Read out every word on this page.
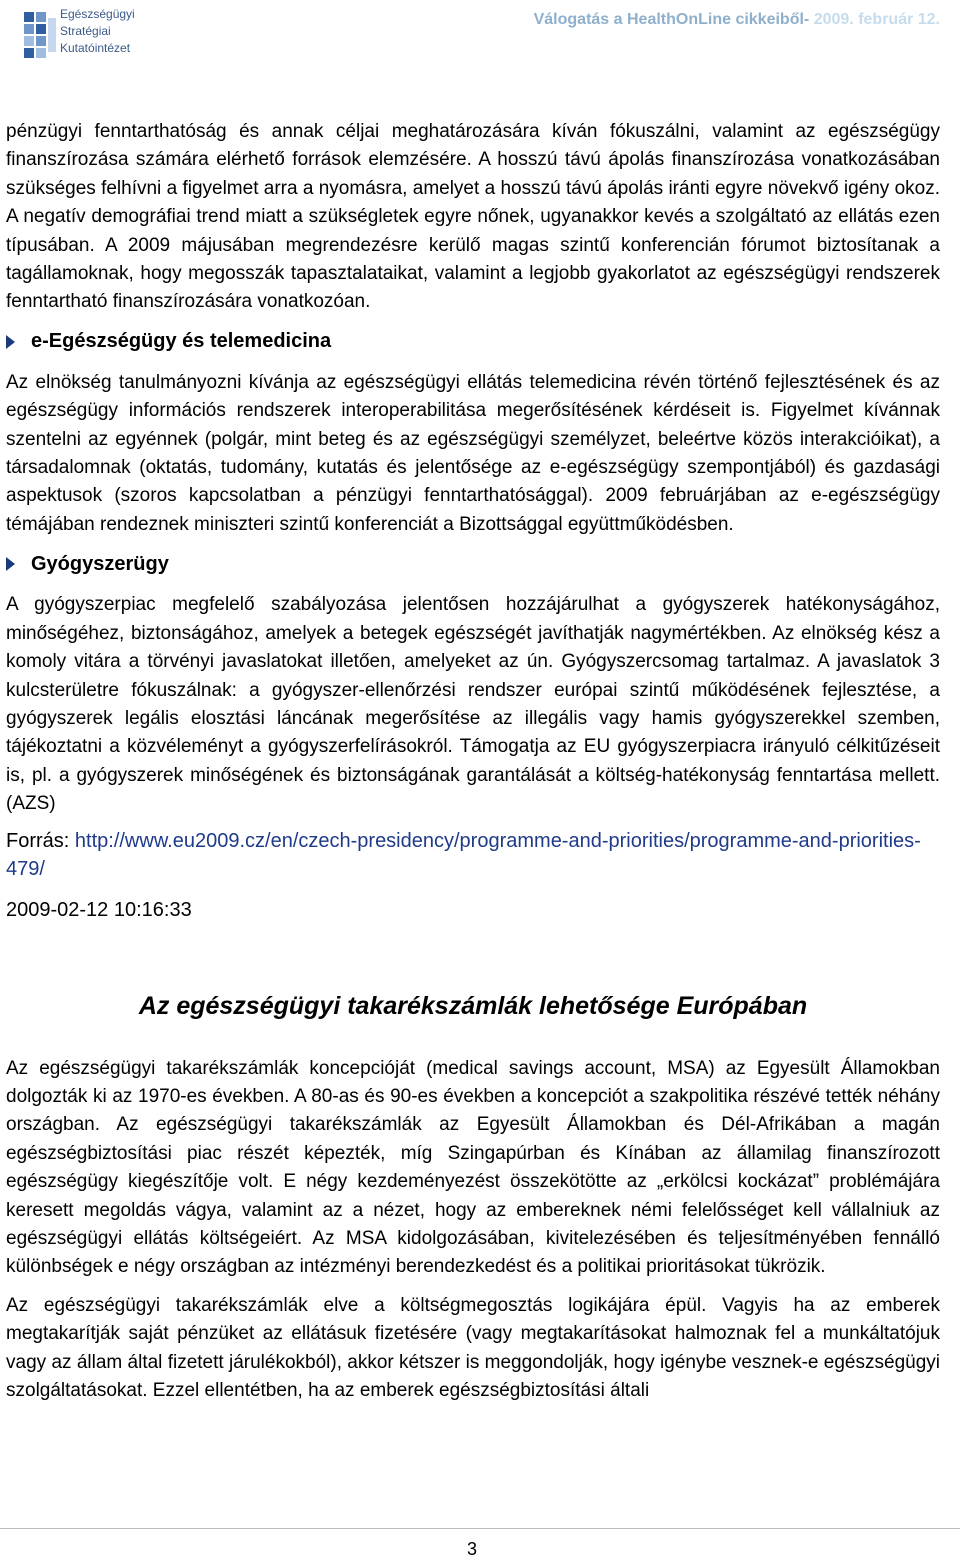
Egészségügyi
Stratégiai
Kutatóintézet
Válogatás a HealthOnLine cikkeiből- 2009. február 12.

pénzügyi fenntarthatóság és annak céljai meghatározására kíván fókuszálni, valamint az egészségügy finanszírozása számára elérhető források elemzésére. A hosszú távú ápolás finanszírozása vonatkozásában szükséges felhívni a figyelmet arra a nyomásra, amelyet a hosszú távú ápolás iránti egyre növekvő igény okoz. A negatív demográfiai trend miatt a szükségletek egyre nőnek, ugyanakkor kevés a szolgáltató az ellátás ezen típusában. A 2009 májusában megrendezésre kerülő magas szintű konferencián fórumot biztosítanak a tagállamoknak, hogy megosszák tapasztalataikat, valamint a legjobb gyakorlatot az egészségügyi rendszerek fenntartható finanszírozására vonatkozóan.

e-Egészségügy és telemedicina

Az elnökség tanulmányozni kívánja az egészségügyi ellátás telemedicina révén történő fejlesztésének és az egészségügy információs rendszerek interoperabilitása megerősítésének kérdéseit is. Figyelmet kívánnak szentelni az egyénnek (polgár, mint beteg és az egészségügyi személyzet, beleértve közös interakcióikat), a társadalomnak (oktatás, tudomány, kutatás és jelentősége az e-egészségügy szempontjából) és gazdasági aspektusok (szoros kapcsolatban a pénzügyi fenntarthatósággal). 2009 februárjában az e-egészségügy témájában rendeznek miniszteri szintű konferenciát a Bizottsággal együttműködésben.

Gyógyszerügy

A gyógyszerpiac megfelelő szabályozása jelentősen hozzájárulhat a gyógyszerek hatékonyságához, minőségéhez, biztonságához, amelyek a betegek egészségét javíthatják nagymértékben. Az elnökség kész a komoly vitára a törvényi javaslatokat illetően, amelyeket az ún. Gyógyszercsomag tartalmaz. A javaslatok 3 kulcsterületre fókuszálnak: a gyógyszer-ellenőrzési rendszer európai szintű működésének fejlesztése, a gyógyszerek legális elosztási láncának megerősítése az illegális vagy hamis gyógyszerekkel szemben, tájékoztatni a közvéleményt a gyógyszerfelírásokról. Támogatja az EU gyógyszerpiacra irányuló célkitűzéseit is, pl. a gyógyszerek minőségének és biztonságának garantálását a költség-hatékonyság fenntartása mellett. (AZS)

Forrás: http://www.eu2009.cz/en/czech-presidency/programme-and-priorities/programme-and-priorities-479/
2009-02-12 10:16:33
Az egészségügyi takarékszámlák lehetősége Európában

Az egészségügyi takarékszámlák koncepcióját (medical savings account, MSA) az Egyesült Államokban dolgozták ki az 1970-es években. A 80-as és 90-es években a koncepciót a szakpolitika részévé tették néhány országban. Az egészségügyi takarékszámlák az Egyesült Államokban és Dél-Afrikában a magán egészségbiztosítási piac részét képezték, míg Szingapúrban és Kínában az államilag finanszírozott egészségügy kiegészítője volt. E négy kezdeményezést összekötötte az „erkölcsi kockázat” problémájára keresett megoldás vágya, valamint az a nézet, hogy az embereknek némi felelősséget kell vállalniuk az egészségügyi ellátás költségeiért. Az MSA kidolgozásában, kivitelezésében és teljesítményében fennálló különbségek e négy országban az intézményi berendezkedést és a politikai prioritásokat tükrözik.

Az egészségügyi takarékszámlák elve a költségmegosztás logikájára épül. Vagyis ha az emberek megtakarítják saját pénzüket az ellátásuk fizetésére (vagy megtakarításokat halmoznak fel a munkáltatójuk vagy az állam által fizetett járulékokból), akkor kétszer is meggondolják, hogy igénybe vesznek-e egészségügyi szolgáltatásokat. Ezzel ellentétben, ha az emberek egészségbiztosítási általi

3
